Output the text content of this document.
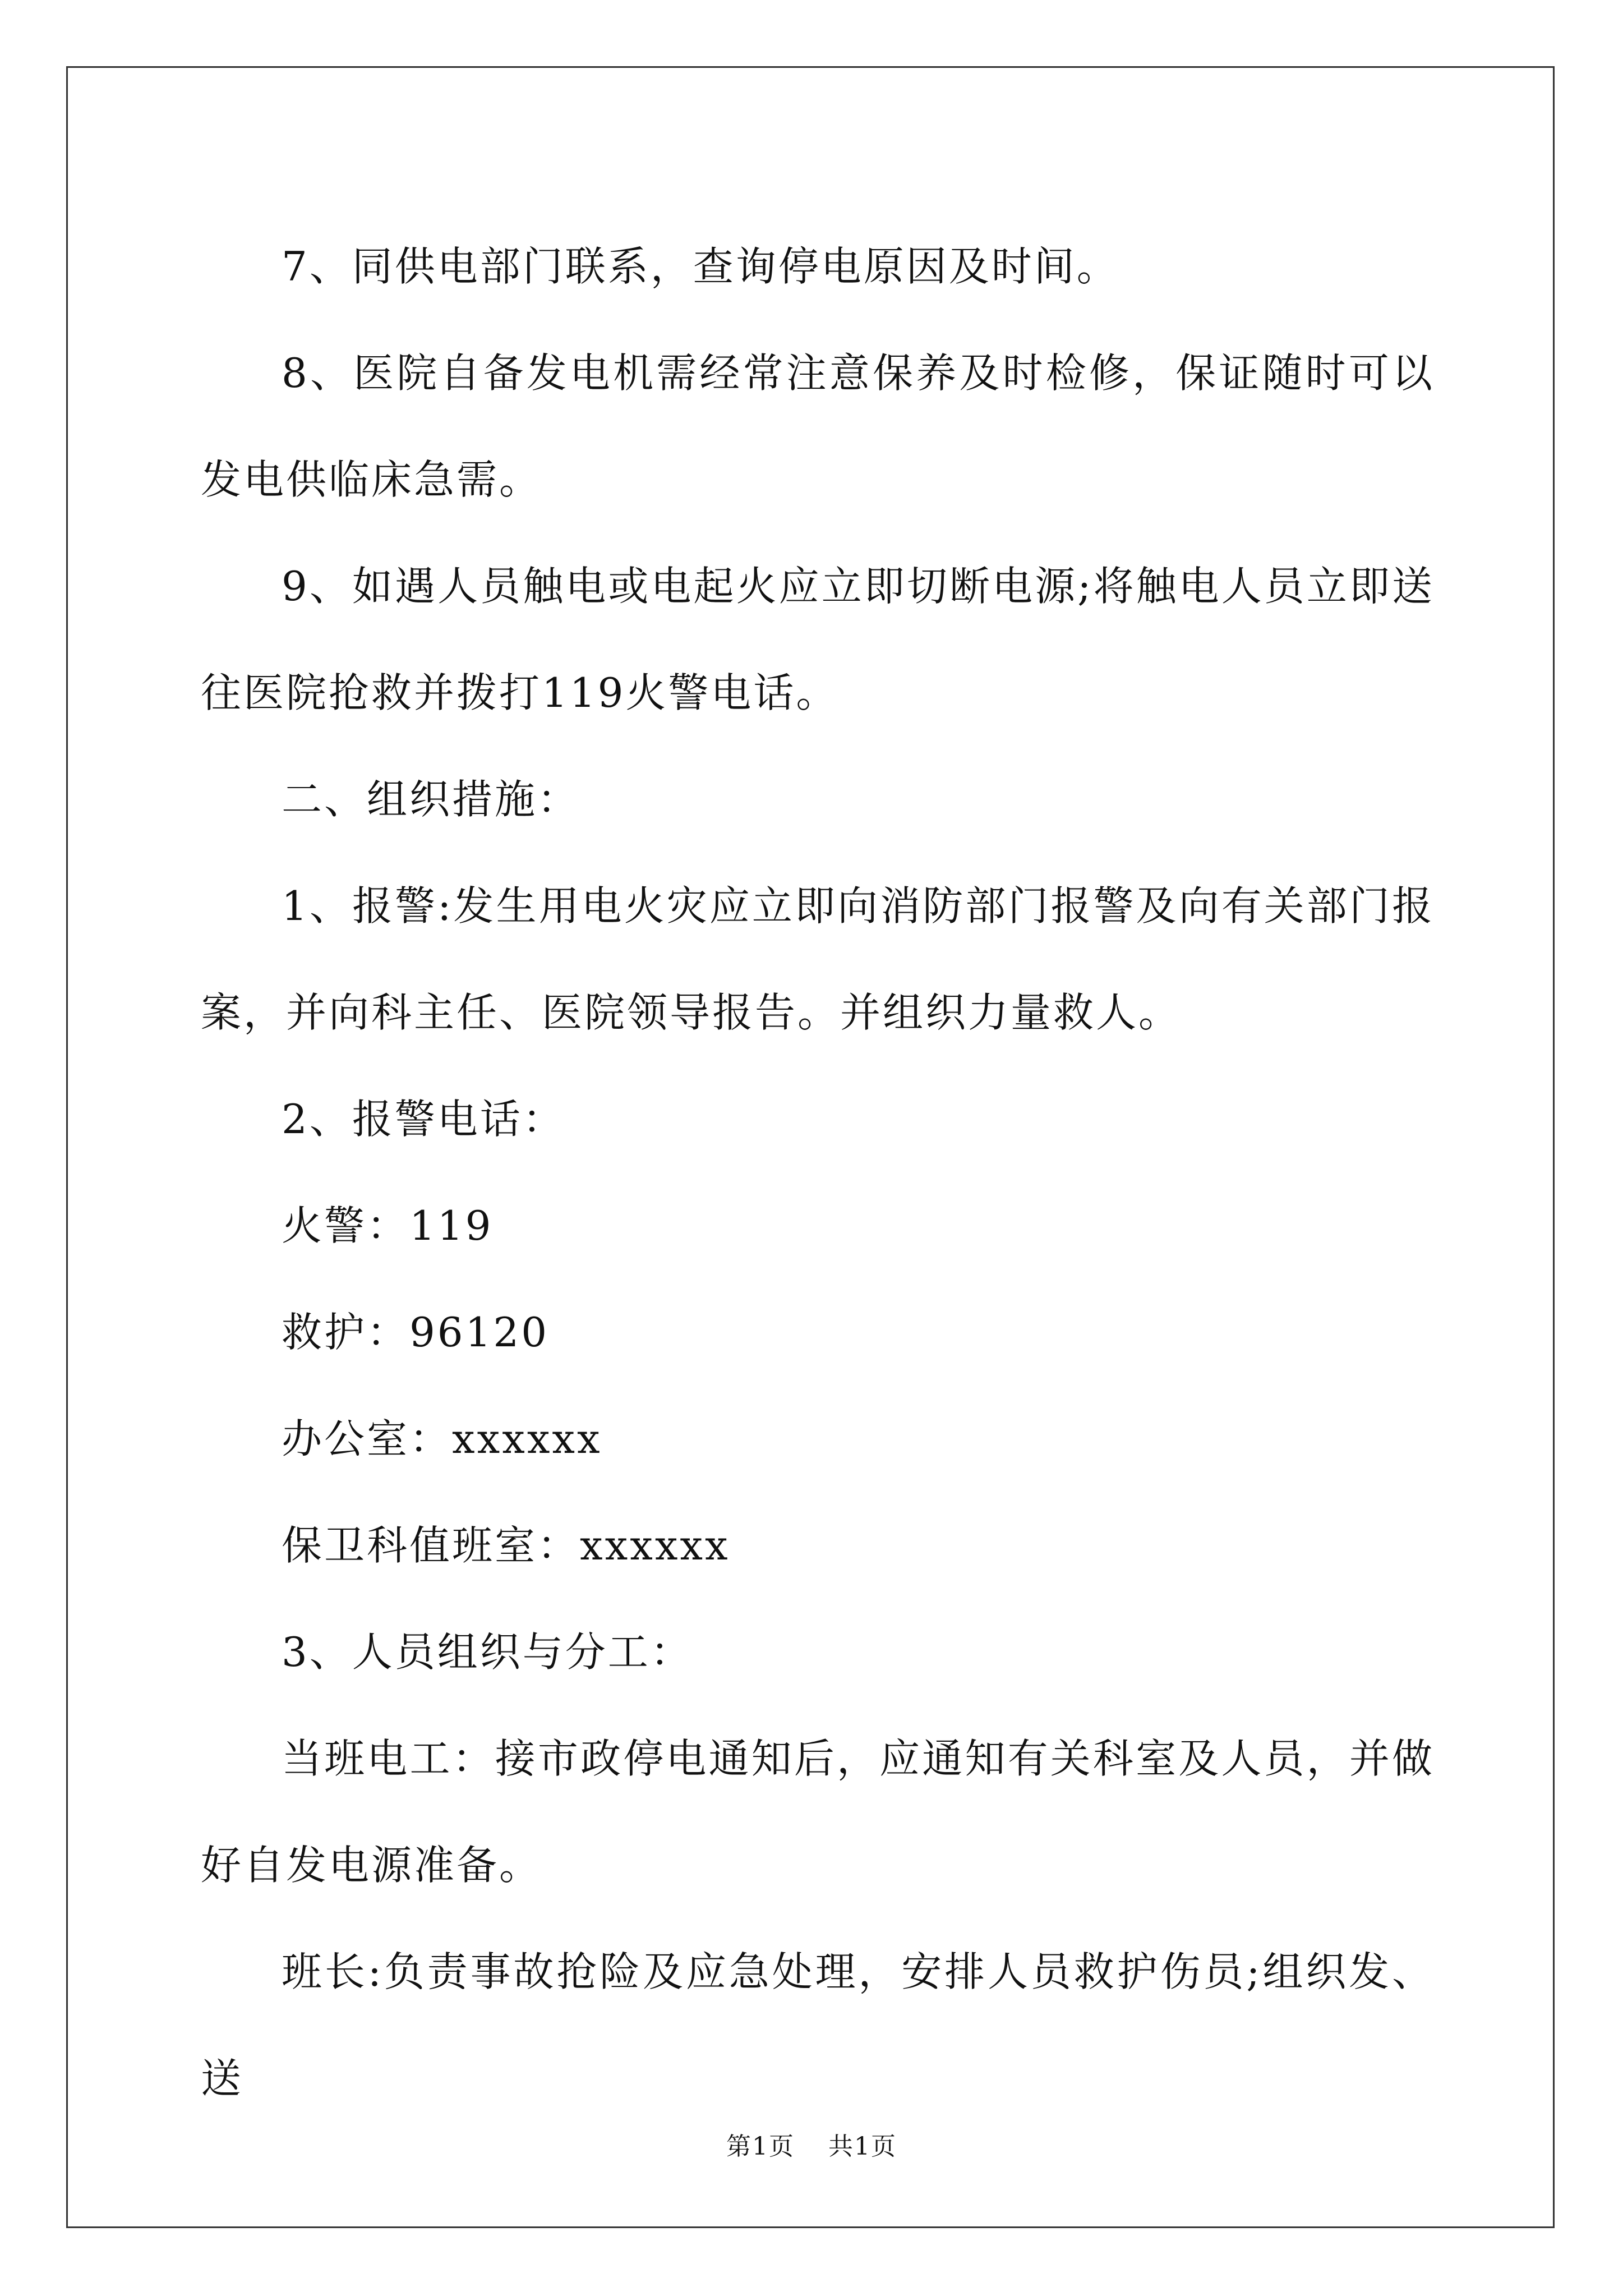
7、同供电部门联系，查询停电原因及时间。

8、医院自备发电机需经常注意保养及时检修，保证随时可以发电供临床急需。

9、如遇人员触电或电起火应立即切断电源;将触电人员立即送往医院抢救并拨打119火警电话。

二、组织措施：

1、报警:发生用电火灾应立即向消防部门报警及向有关部门报案，并向科主任、医院领导报告。并组织力量救人。

2、报警电话：

火警：119

救护：96120

办公室：xxxxxx

保卫科值班室：xxxxxx

3、人员组织与分工：

当班电工：接市政停电通知后，应通知有关科室及人员，并做好自发电源准备。

班长:负责事故抢险及应急处理，安排人员救护伤员;组织发、送

第1页 共1页
